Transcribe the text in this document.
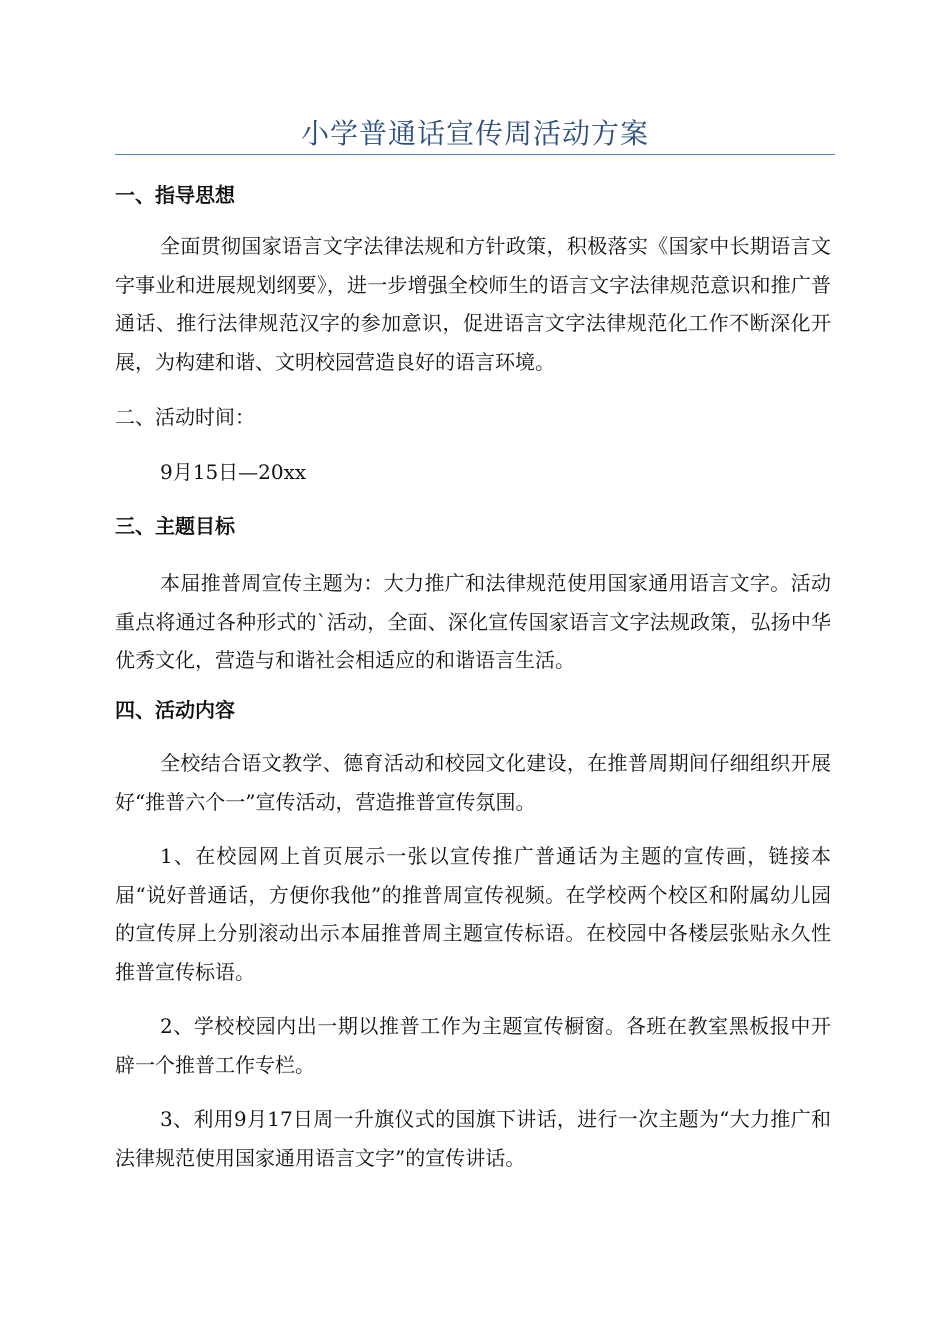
小学普通话宣传周活动方案
一、指导思想
全面贯彻国家语言文字法律法规和方针政策，积极落实《国家中长期语言文字事业和进展规划纲要》，进一步增强全校师生的语言文字法律规范意识和推广普通话、推行法律规范汉字的参加意识，促进语言文字法律规范化工作不断深化开展，为构建和谐、文明校园营造良好的语言环境。
二、活动时间：
9月15日—20xx
三、主题目标
本届推普周宣传主题为：大力推广和法律规范使用国家通用语言文字。活动重点将通过各种形式的`活动，全面、深化宣传国家语言文字法规政策，弘扬中华优秀文化，营造与和谐社会相适应的和谐语言生活。
四、活动内容
全校结合语文教学、德育活动和校园文化建设，在推普周期间仔细组织开展好“推普六个一”宣传活动，营造推普宣传氛围。
1、在校园网上首页展示一张以宣传推广普通话为主题的宣传画，链接本届“说好普通话，方便你我他”的推普周宣传视频。在学校两个校区和附属幼儿园的宣传屏上分别滚动出示本届推普周主题宣传标语。在校园中各楼层张贴永久性推普宣传标语。
2、学校校园内出一期以推普工作为主题宣传橱窗。各班在教室黑板报中开辟一个推普工作专栏。
3、利用9月17日周一升旗仪式的国旗下讲话，进行一次主题为“大力推广和法律规范使用国家通用语言文字”的宣传讲话。
